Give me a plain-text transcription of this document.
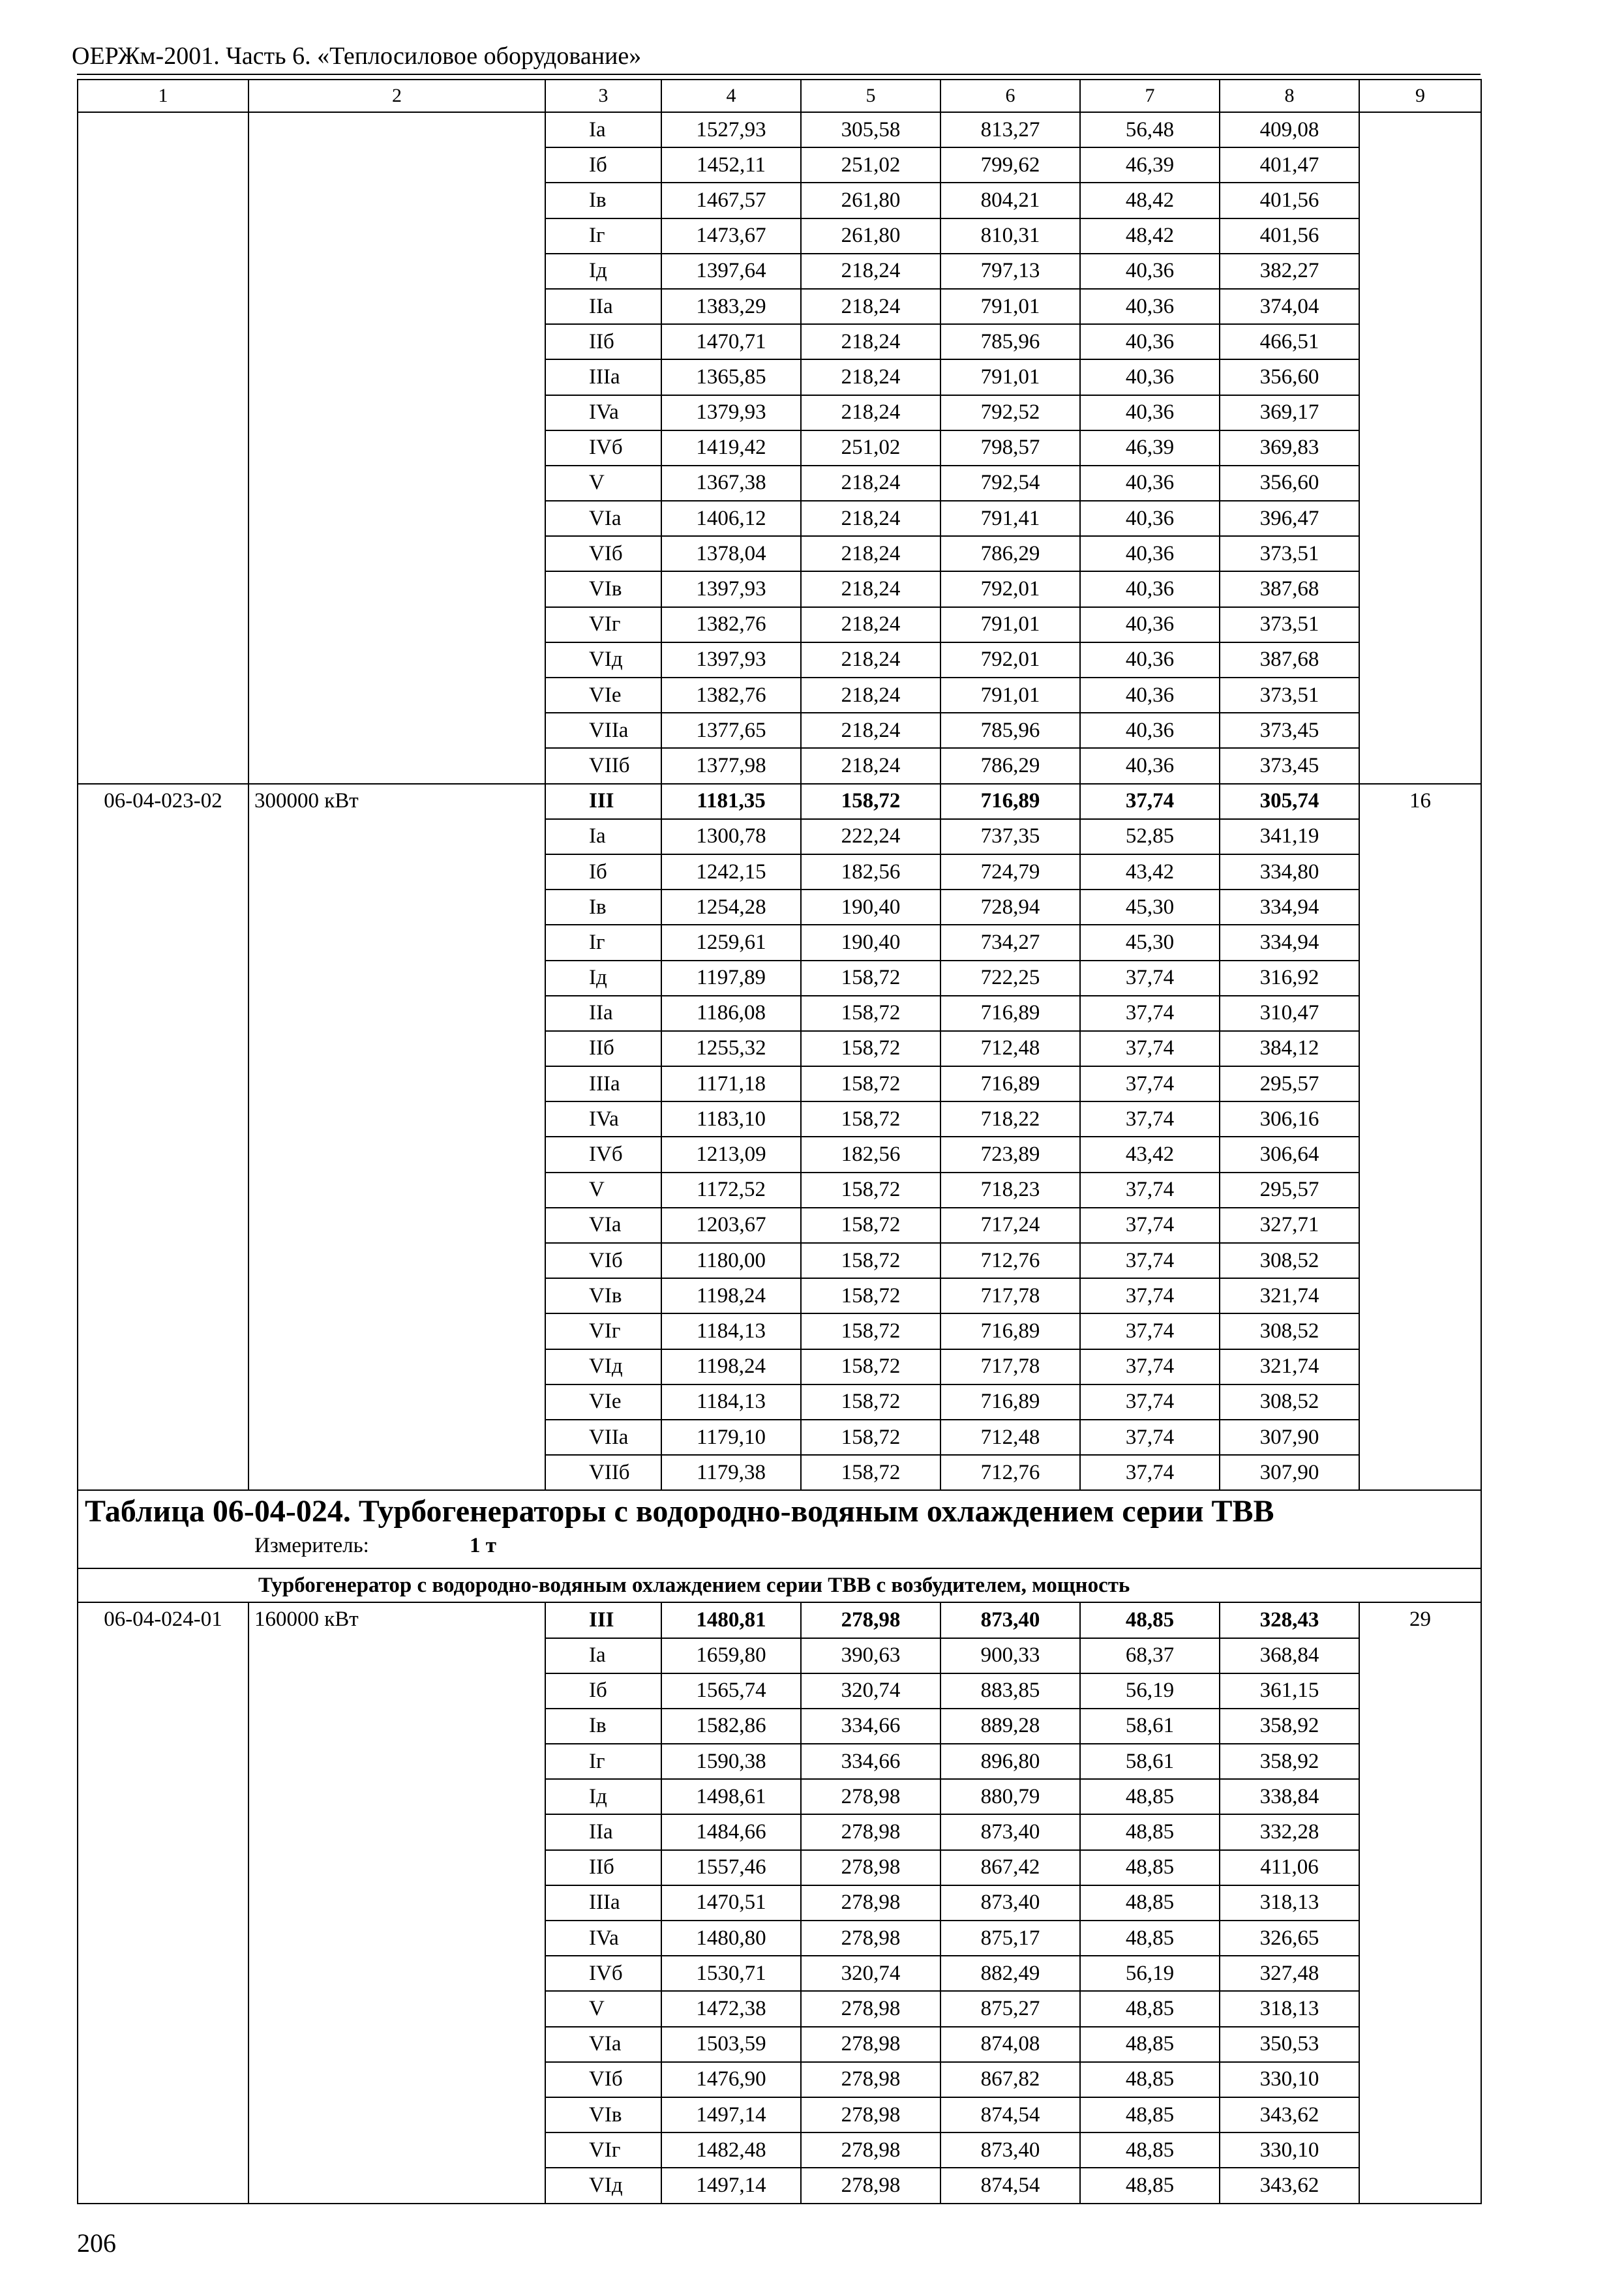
ОЕРЖм-2001. Часть 6. «Теплосиловое оборудование»
1	2	3	4	5	6	7	8	9
		Ia	1527,93	305,58	813,27	56,48	409,08	
		Iб	1452,11	251,02	799,62	46,39	401,47	
		Iв	1467,57	261,80	804,21	48,42	401,56	
		Iг	1473,67	261,80	810,31	48,42	401,56	
		Iд	1397,64	218,24	797,13	40,36	382,27	
		IIa	1383,29	218,24	791,01	40,36	374,04	
		IIб	1470,71	218,24	785,96	40,36	466,51	
		IIIa	1365,85	218,24	791,01	40,36	356,60	
		IVa	1379,93	218,24	792,52	40,36	369,17	
		IVб	1419,42	251,02	798,57	46,39	369,83	
		V	1367,38	218,24	792,54	40,36	356,60	
		VIa	1406,12	218,24	791,41	40,36	396,47	
		VIб	1378,04	218,24	786,29	40,36	373,51	
		VIв	1397,93	218,24	792,01	40,36	387,68	
		VIг	1382,76	218,24	791,01	40,36	373,51	
		VIд	1397,93	218,24	792,01	40,36	387,68	
		VIe	1382,76	218,24	791,01	40,36	373,51	
		VIIa	1377,65	218,24	785,96	40,36	373,45	
		VIIб	1377,98	218,24	786,29	40,36	373,45	
06-04-023-02	300000 кВт	III	1181,35	158,72	716,89	37,74	305,74	16
		Ia	1300,78	222,24	737,35	52,85	341,19	
		Iб	1242,15	182,56	724,79	43,42	334,80	
		Iв	1254,28	190,40	728,94	45,30	334,94	
		Iг	1259,61	190,40	734,27	45,30	334,94	
		Iд	1197,89	158,72	722,25	37,74	316,92	
		IIa	1186,08	158,72	716,89	37,74	310,47	
		IIб	1255,32	158,72	712,48	37,74	384,12	
		IIIa	1171,18	158,72	716,89	37,74	295,57	
		IVa	1183,10	158,72	718,22	37,74	306,16	
		IVб	1213,09	182,56	723,89	43,42	306,64	
		V	1172,52	158,72	718,23	37,74	295,57	
		VIa	1203,67	158,72	717,24	37,74	327,71	
		VIб	1180,00	158,72	712,76	37,74	308,52	
		VIв	1198,24	158,72	717,78	37,74	321,74	
		VIг	1184,13	158,72	716,89	37,74	308,52	
		VIд	1198,24	158,72	717,78	37,74	321,74	
		VIe	1184,13	158,72	716,89	37,74	308,52	
		VIIa	1179,10	158,72	712,48	37,74	307,90	
		VIIб	1179,38	158,72	712,76	37,74	307,90	

Таблица 06-04-024. Турбогенераторы с водородно-водяным охлаждением серии ТВВ
Измеритель: 1 т								

Турбогенератор с водородно-водяным охлаждением серии ТВВ с возбудителем, мощность								
06-04-024-01	160000 кВт	III	1480,81	278,98	873,40	48,85	328,43	29
		Ia	1659,80	390,63	900,33	68,37	368,84	
		Iб	1565,74	320,74	883,85	56,19	361,15	
		Iв	1582,86	334,66	889,28	58,61	358,92	
		Iг	1590,38	334,66	896,80	58,61	358,92	
		Iд	1498,61	278,98	880,79	48,85	338,84	
		IIa	1484,66	278,98	873,40	48,85	332,28	
		IIб	1557,46	278,98	867,42	48,85	411,06	
		IIIa	1470,51	278,98	873,40	48,85	318,13	
		IVa	1480,80	278,98	875,17	48,85	326,65	
		IVб	1530,71	320,74	882,49	56,19	327,48	
		V	1472,38	278,98	875,27	48,85	318,13	
		VIa	1503,59	278,98	874,08	48,85	350,53	
		VIб	1476,90	278,98	867,82	48,85	330,10	
		VIв	1497,14	278,98	874,54	48,85	343,62	
		VIг	1482,48	278,98	873,40	48,85	330,10	
		VIд	1497,14	278,98	874,54	48,85	343,62	
206
